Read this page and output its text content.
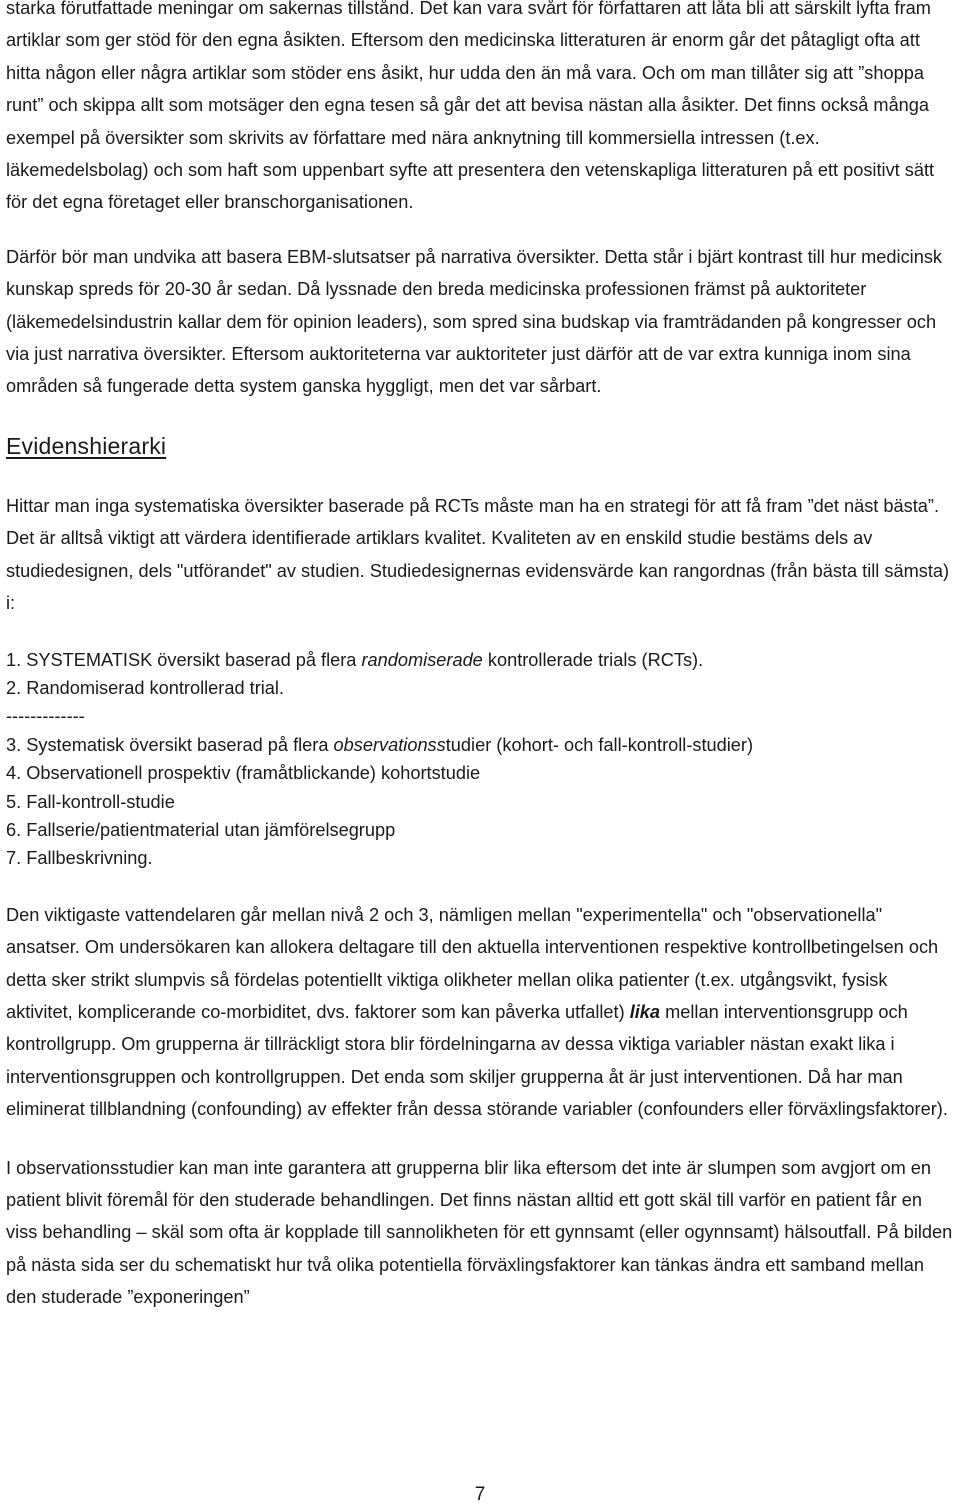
starka förutfattade meningar om sakernas tillstånd. Det kan vara svårt för författaren att låta bli att särskilt lyfta fram artiklar som ger stöd för den egna åsikten. Eftersom den medicinska litteraturen är enorm går det påtagligt ofta att hitta någon eller några artiklar som stöder ens åsikt, hur udda den än må vara. Och om man tillåter sig att ”shoppa runt” och skippa allt som motsäger den egna tesen så går det att bevisa nästan alla åsikter. Det finns också många exempel på översikter som skrivits av författare med nära anknytning till kommersiella intressen (t.ex. läkemedelsbolag) och som haft som uppenbart syfte att presentera den vetenskapliga litteraturen på ett positivt sätt för det egna företaget eller branschorganisationen.

Därför bör man undvika att basera EBM-slutsatser på narrativa översikter. Detta står i bjärt kontrast till hur medicinsk kunskap spreds för 20-30 år sedan. Då lyssnade den breda medicinska professionen främst på auktoriteter (läkemedelsindustrin kallar dem för opinion leaders), som spred sina budskap via framträdanden på kongresser och via just narrativa översikter. Eftersom auktoriteterna var auktoriteter just därför att de var extra kunniga inom sina områden så fungerade detta system ganska hyggligt, men det var sårbart.

Evidenshierarki

Hittar man inga systematiska översikter baserade på RCTs måste man ha en strategi för att få fram ”det näst bästa”. Det är alltså viktigt att värdera identifierade artiklars kvalitet. Kvaliteten av en enskild studie bestäms dels av studiedesignen, dels "utförandet" av studien. Studiedesignernas evidensvärde kan rangordnas (från bästa till sämsta) i:

1. SYSTEMATISK översikt baserad på flera randomiserade kontrollerade trials (RCTs).
2. Randomiserad kontrollerad trial.
-------------
3. Systematisk översikt baserad på flera observationsstudier (kohort- och fall-kontroll-studier)
4. Observationell prospektiv (framåtblickande) kohortstudie
5. Fall-kontroll-studie
6. Fallserie/patientmaterial utan jämförelsegrupp
7. Fallbeskrivning.

Den viktigaste vattendelaren går mellan nivå 2 och 3, nämligen mellan "experimentella" och "observationella" ansatser. Om undersökaren kan allokera deltagare till den aktuella interventionen respektive kontrollbetingelsen och detta sker strikt slumpvis så fördelas potentiellt viktiga olikheter mellan olika patienter (t.ex. utgångsvikt, fysisk aktivitet, komplicerande co-morbiditet, dvs. faktorer som kan påverka utfallet) lika mellan interventionsgrupp och kontrollgrupp. Om grupperna är tillräckligt stora blir fördelningarna av dessa viktiga variabler nästan exakt lika i interventionsgruppen och kontrollgruppen. Det enda som skiljer grupperna åt är just interventionen. Då har man eliminerat tillblandning (confounding) av effekter från dessa störande variabler (confounders eller förväxlingsfaktorer).

I observationsstudier kan man inte garantera att grupperna blir lika eftersom det inte är slumpen som avgjort om en patient blivit föremål för den studerade behandlingen. Det finns nästan alltid ett gott skäl till varför en patient får en viss behandling – skäl som ofta är kopplade till sannolikheten för ett gynnsamt (eller ogynnsamt) hälsoutfall. På bilden på nästa sida ser du schematiskt hur två olika potentiella förväxlingsfaktorer kan tänkas ändra ett samband mellan den studerade ”exponeringen”

7
